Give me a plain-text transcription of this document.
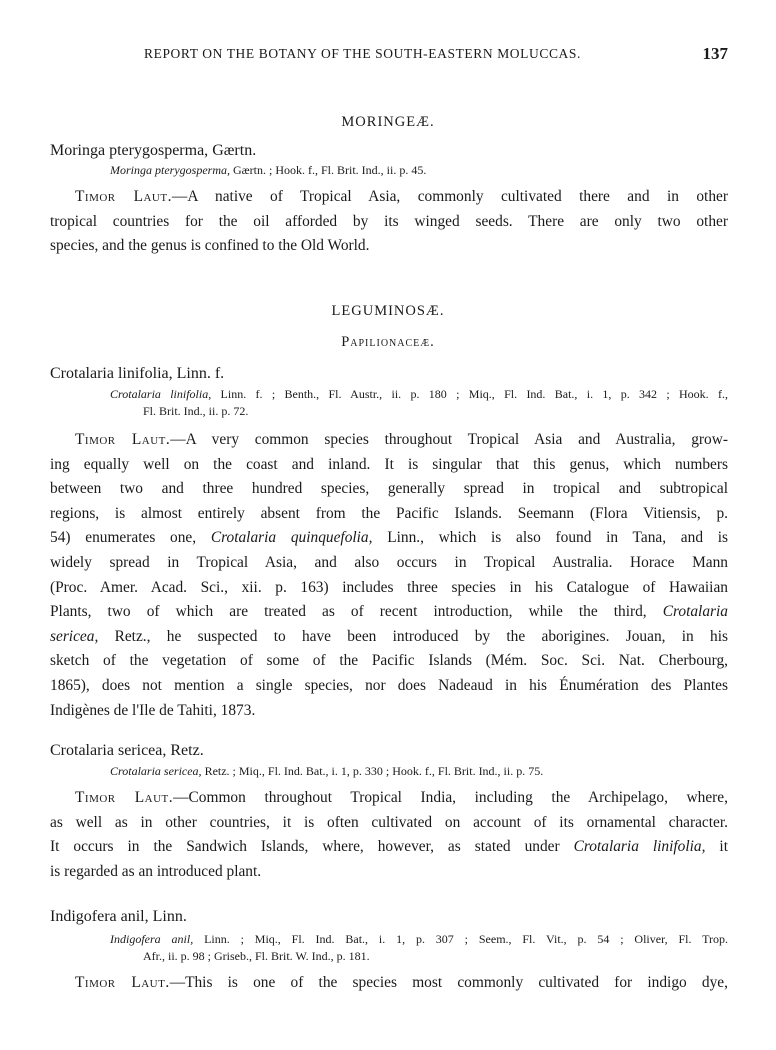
REPORT ON THE BOTANY OF THE SOUTH-EASTERN MOLUCCAS.	137
MORINGEÆ.
Moringa pterygosperma, Gærtn.
Moringa pterygosperma, Gærtn. ; Hook. f., Fl. Brit. Ind., ii. p. 45.
Timor Laut.—A native of Tropical Asia, commonly cultivated there and in other
tropical countries for the oil afforded by its winged seeds. There are only two other
species, and the genus is confined to the Old World.
LEGUMINOSÆ.
Papilionaceæ.
Crotalaria linifolia, Linn. f.
Crotalaria linifolia, Linn. f. ; Benth., Fl. Austr., ii. p. 180 ; Miq., Fl. Ind. Bat., i. 1, p. 342 ; Hook. f.,
Fl. Brit. Ind., ii. p. 72.
Timor Laut.—A very common species throughout Tropical Asia and Australia, grow-
ing equally well on the coast and inland. It is singular that this genus, which numbers
between two and three hundred species, generally spread in tropical and subtropical
regions, is almost entirely absent from the Pacific Islands. Seemann (Flora Vitiensis, p.
54) enumerates one, Crotalaria quinquefolia, Linn., which is also found in Tana, and is
widely spread in Tropical Asia, and also occurs in Tropical Australia. Horace Mann
(Proc. Amer. Acad. Sci., xii. p. 163) includes three species in his Catalogue of Hawaiian
Plants, two of which are treated as of recent introduction, while the third, Crotalaria
sericea, Retz., he suspected to have been introduced by the aborigines. Jouan, in his
sketch of the vegetation of some of the Pacific Islands (Mém. Soc. Sci. Nat. Cherbourg,
1865), does not mention a single species, nor does Nadeaud in his Énumération des Plantes
Indigènes de l'Ile de Tahiti, 1873.
Crotalaria sericea, Retz.
Crotalaria sericea, Retz. ; Miq., Fl. Ind. Bat., i. 1, p. 330 ; Hook. f., Fl. Brit. Ind., ii. p. 75.
Timor Laut.—Common throughout Tropical India, including the Archipelago, where,
as well as in other countries, it is often cultivated on account of its ornamental character.
It occurs in the Sandwich Islands, where, however, as stated under Crotalaria linifolia, it
is regarded as an introduced plant.
Indigofera anil, Linn.
Indigofera anil, Linn. ; Miq., Fl. Ind. Bat., i. 1, p. 307 ; Seem., Fl. Vit., p. 54 ; Oliver, Fl. Trop.
Afr., ii. p. 98 ; Griseb., Fl. Brit. W. Ind., p. 181.
Timor Laut.—This is one of the species most commonly cultivated for indigo dye,
